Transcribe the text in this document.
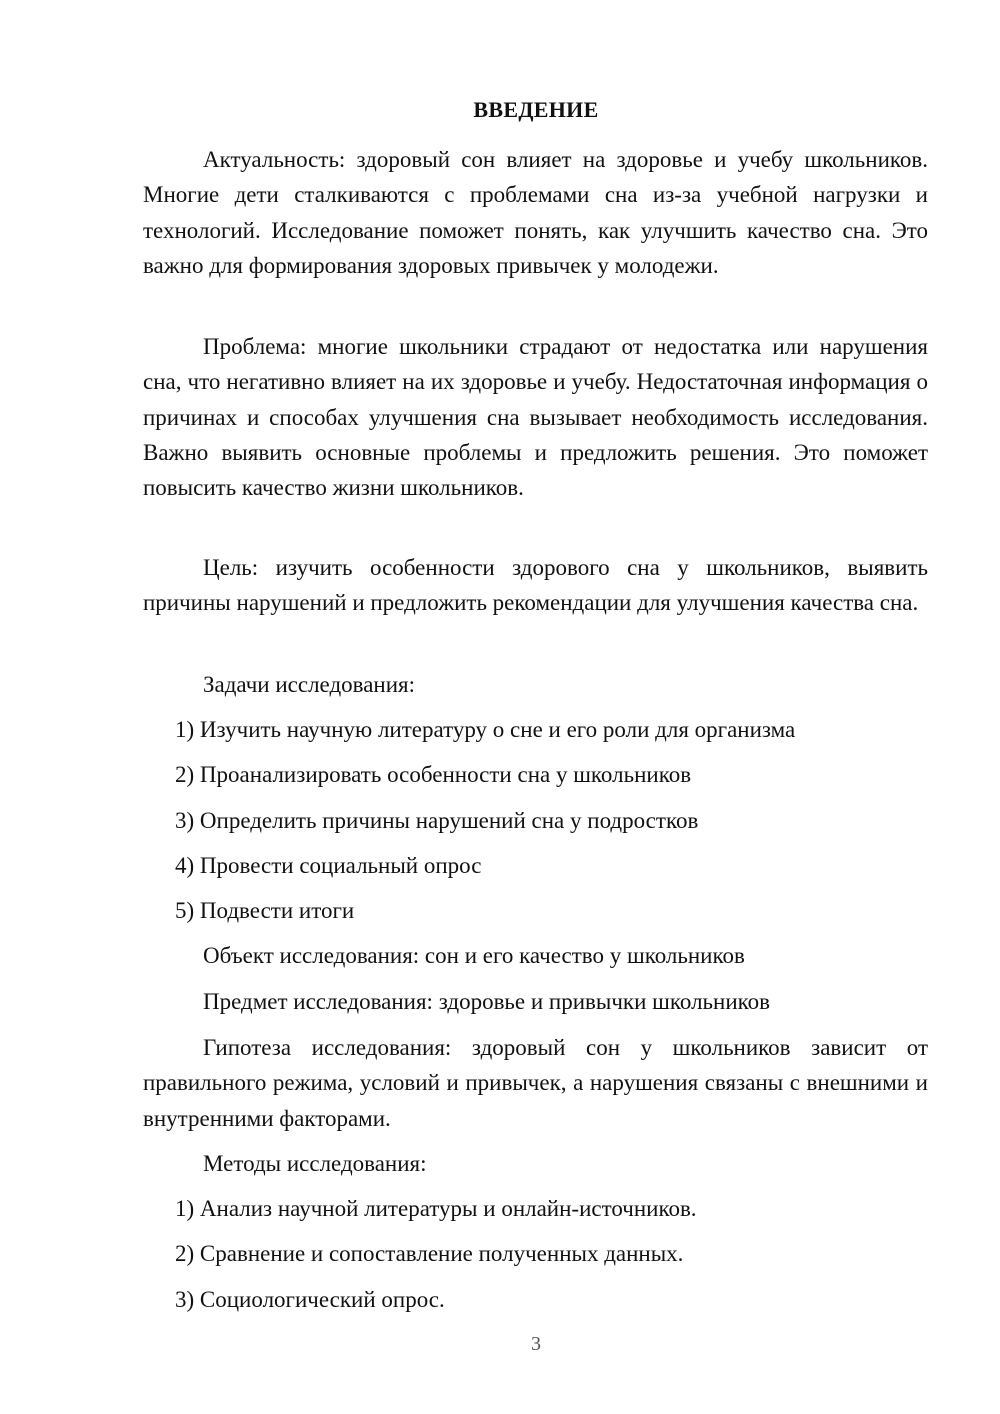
ВВЕДЕНИЕ

Актуальность: здоровый сон влияет на здоровье и учебу школьников. Многие дети сталкиваются с проблемами сна из-за учебной нагрузки и технологий. Исследование поможет понять, как улучшить качество сна. Это важно для формирования здоровых привычек у молодежи.

Проблема: многие школьники страдают от недостатка или нарушения сна, что негативно влияет на их здоровье и учебу. Недостаточная информация о причинах и способах улучшения сна вызывает необходимость исследования. Важно выявить основные проблемы и предложить решения. Это поможет повысить качество жизни школьников.

Цель: изучить особенности здорового сна у школьников, выявить причины нарушений и предложить рекомендации для улучшения качества сна.

Задачи исследования:
1) Изучить научную литературу о сне и его роли для организма
2) Проанализировать особенности сна у школьников
3) Определить причины нарушений сна у подростков
4) Провести социальный опрос
5) Подвести итоги
Объект исследования: сон и его качество у школьников
Предмет исследования: здоровье и привычки школьников

Гипотеза исследования: здоровый сон у школьников зависит от правильного режима, условий и привычек, а нарушения связаны с внешними и внутренними факторами.

Методы исследования:
1) Анализ научной литературы и онлайн-источников.
2) Сравнение и сопоставление полученных данных.
3) Социологический опрос.
3
